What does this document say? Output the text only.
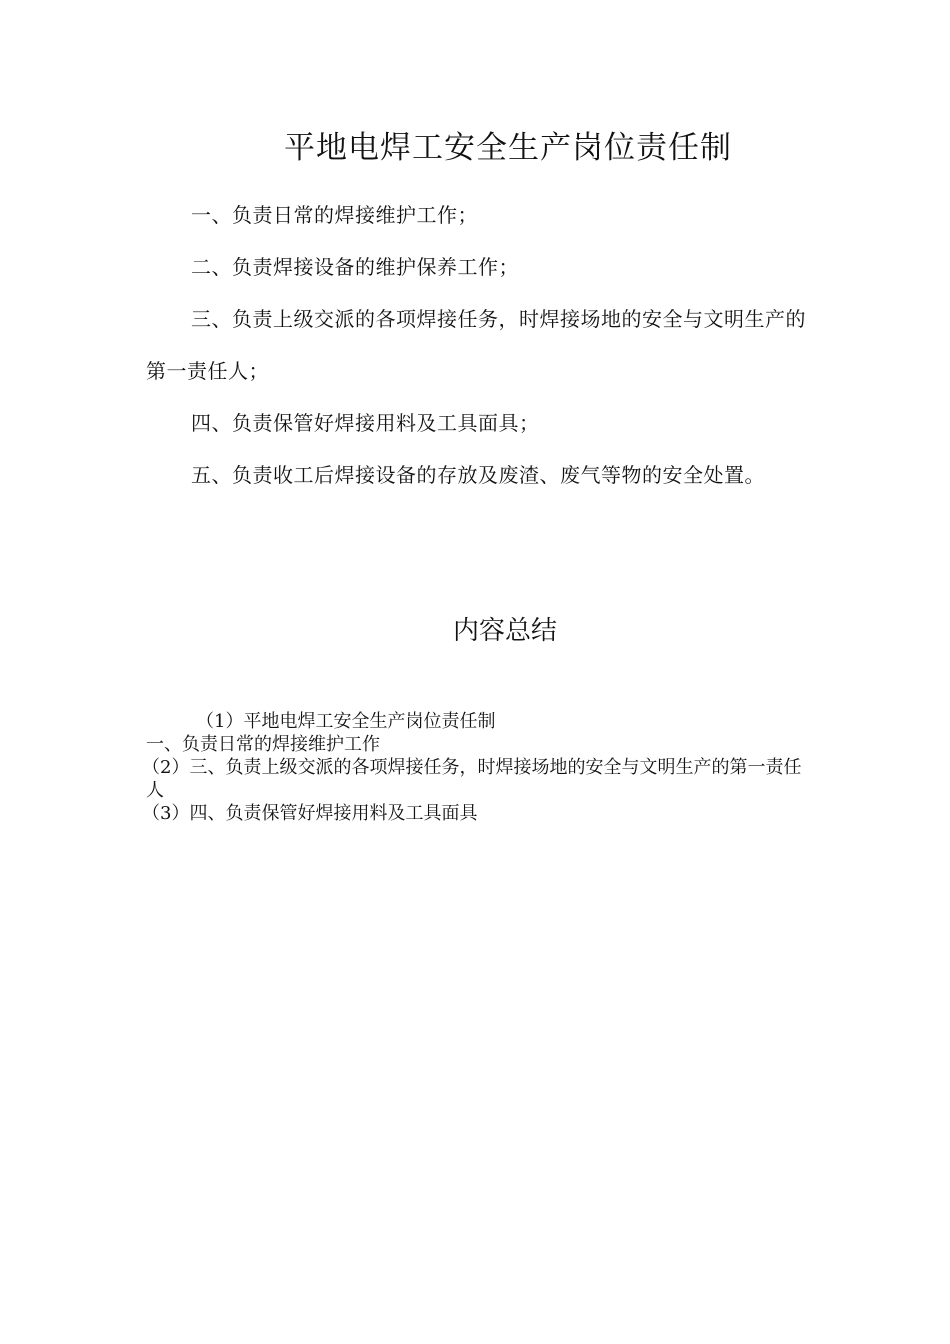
平地电焊工安全生产岗位责任制

一、负责日常的焊接维护工作；

二、负责焊接设备的维护保养工作；

三、负责上级交派的各项焊接任务，时焊接场地的安全与文明生产的第一责任人；

四、负责保管好焊接用料及工具面具；

五、负责收工后焊接设备的存放及废渣、废气等物的安全处置。

内容总结

（1）平地电焊工安全生产岗位责任制

一、负责日常的焊接维护工作

（2）三、负责上级交派的各项焊接任务，时焊接场地的安全与文明生产的第一责任人

（3）四、负责保管好焊接用料及工具面具
